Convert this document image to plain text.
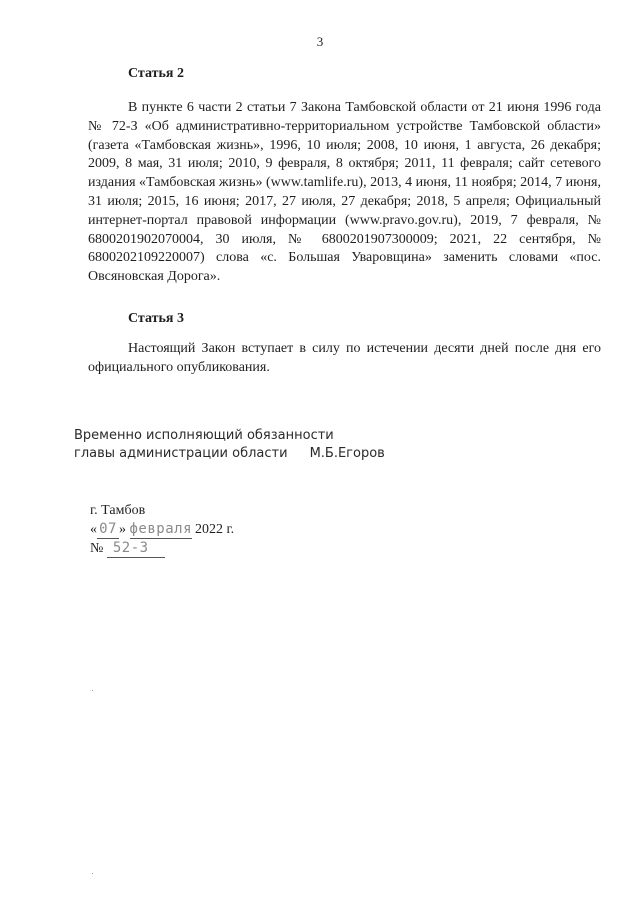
3
Статья 2
В пункте 6 части 2 статьи 7 Закона Тамбовской области от 21 июня 1996 года № 72-З «Об административно-территориальном устройстве Тамбовской области» (газета «Тамбовская жизнь», 1996, 10 июля; 2008, 10 июня, 1 августа, 26 декабря; 2009, 8 мая, 31 июля; 2010, 9 февраля, 8 октября; 2011, 11 февраля; сайт сетевого издания «Тамбовская жизнь» (www.tamlife.ru), 2013, 4 июня, 11 ноября; 2014, 7 июня, 31 июля; 2015, 16 июня; 2017, 27 июля, 27 декабря; 2018, 5 апреля; Официальный интернет-портал правовой информации (www.pravo.gov.ru), 2019, 7 февраля, № 6800201902070004, 30 июля, № 6800201907300009; 2021, 22 сентября, № 6800202109220007) слова «с. Большая Уваровщина» заменить словами «пос. Овсяновская Дорога».
Статья 3
Настоящий Закон вступает в силу по истечении десяти дней после дня его официального опубликования.
Временно исполняющий обязанности
главы администрации области М.Б.Егоров
г. Тамбов
« 07 » февраля 2022 г.
№ 52-З
